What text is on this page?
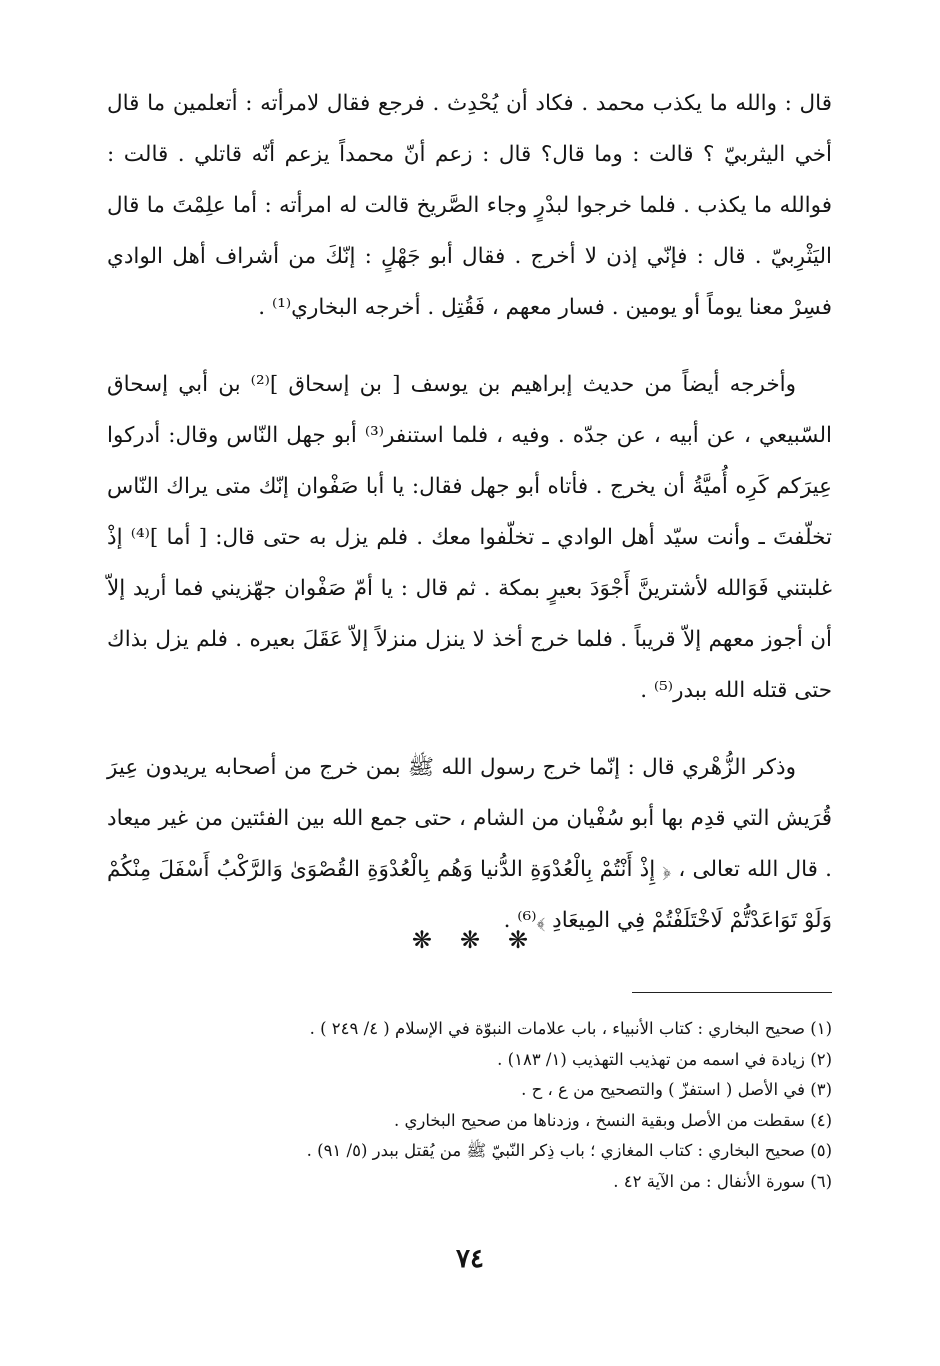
قال : والله ما يكذب محمد . فكاد أن يُحْدِث . فرجع فقال لامرأته : أتعلمين ما قال أخي اليثربيّ ؟ قالت : وما قال؟ قال : زعم أنّ محمداً يزعم أنّه قاتلي . قالت : فوالله ما يكذب . فلما خرجوا لبدْرٍ وجاء الصَّريخ قالت له امرأته : أما علِمْتَ ما قال اليَثْرِبيّ . قال : فإنّي إذن لا أخرج . فقال أبو جَهْلٍ : إنّكَ من أشراف أهل الوادي فسِرْ معنا يوماً أو يومين . فسار معهم ، فَقُتِل . أخرجه البخاري⁽¹⁾ .

وأخرجه أيضاً من حديث إبراهيم بن يوسف [ بن إسحاق ]⁽²⁾ بن أبي إسحاق السّبيعي ، عن أبيه ، عن جدّه . وفيه ، فلما استنفر⁽³⁾ أبو جهل النّاس وقال: أدركوا عِيرَكم كَرِه أُميَّةُ أن يخرج . فأتاه أبو جهل فقال: يا أبا صَفْوان إنّك متى يراك النّاس تخلّفتَ ـ وأنت سيّد أهل الوادي ـ تخلّفوا معك . فلم يزل به حتى قال: [ أما ]⁽⁴⁾ إذْ غلبتني فَوَالله لأشترينَّ أَجْوَدَ بعيرٍ بمكة . ثم قال : يا أمّ صَفْوان جهّزيني فما أريد إلاّ أن أجوز معهم إلاّ قريباً . فلما خرج أخذ لا ينزل منزلاً إلاّ عَقَلَ بعيره . فلم يزل بذاك حتى قتله الله ببدر⁽⁵⁾ .

وذكر الزُّهْري قال : إنّما خرج رسول الله ﷺ بمن خرج من أصحابه يريدون عِيرَ قُرَيش التي قدِم بها أبو سُفْيان من الشام ، حتى جمع الله بين الفئتين من غير ميعاد . قال الله تعالى ، ﴿ إِذْ أَنْتُمْ بِالْعُدْوَةِ الدُّنيا وَهُم بِالْعُدْوَةِ القُصْوَىٰ وَالرَّكْبُ أَسْفَلَ مِنْكُمْ وَلَوْ تَوَاعَدْتُّمْ لَاخْتَلَفْتُمْ فِي المِيعَادِ ﴾⁽⁶⁾ .

❋❋❋
(١) صحيح البخاري : كتاب الأنبياء ، باب علامات النبوّة في الإسلام ( ٤/ ٢٤٩ ) .
(٢) زيادة في اسمه من تهذيب التهذيب (١/ ١٨٣) .
(٣) في الأصل ( استفزّ ) والتصحيح من ع ، ح .
(٤) سقطت من الأصل وبقية النسخ ، وزدناها من صحيح البخاري .
(٥) صحيح البخاري : كتاب المغازي ؛ باب ذِكر النّبيّ ﷺ من يُقتل ببدر (٥/ ٩١) .
(٦) سورة الأنفال : من الآية ٤٢ .
٧٤
